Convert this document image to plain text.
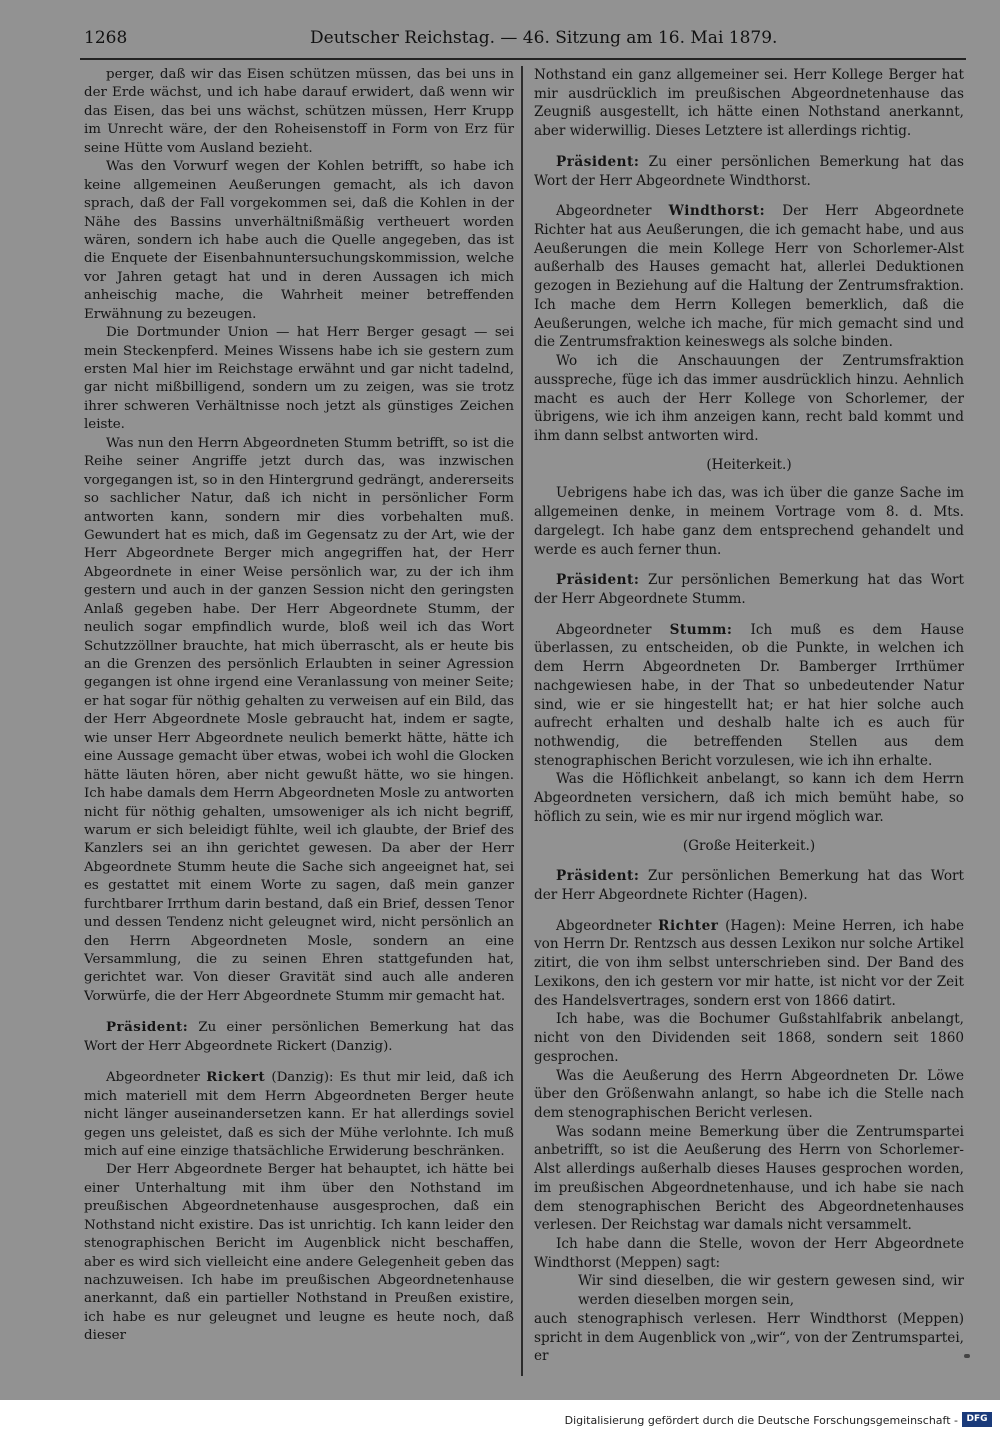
1268	Deutscher Reichstag. — 46. Sitzung am 16. Mai 1879.

perger, daß wir das Eisen schützen müssen, das bei uns in der Erde wächst, und ich habe darauf erwidert, daß wenn wir das Eisen, das bei uns wächst, schützen müssen, Herr Krupp im Unrecht wäre, der den Roheisenstoff in Form von Erz für seine Hütte vom Ausland bezieht.

Was den Vorwurf wegen der Kohlen betrifft, so habe ich keine allgemeinen Aeußerungen gemacht, als ich davon sprach, daß der Fall vorgekommen sei, daß die Kohlen in der Nähe des Bassins unverhältnißmäßig vertheuert worden wären, sondern ich habe auch die Quelle angegeben, das ist die Enquete der Eisenbahnuntersuchungskommission, welche vor Jahren getagt hat und in deren Aussagen ich mich anheischig mache, die Wahrheit meiner betreffenden Erwähnung zu bezeugen.

Die Dortmunder Union — hat Herr Berger gesagt — sei mein Steckenpferd. Meines Wissens habe ich sie gestern zum ersten Mal hier im Reichstage erwähnt und gar nicht tadelnd, gar nicht mißbilligend, sondern um zu zeigen, was sie trotz ihrer schweren Verhältnisse noch jetzt als günstiges Zeichen leiste.

Was nun den Herrn Abgeordneten Stumm betrifft, so ist die Reihe seiner Angriffe jetzt durch das, was inzwischen vorgegangen ist, so in den Hintergrund gedrängt, andererseits so sachlicher Natur, daß ich nicht in persönlicher Form antworten kann, sondern mir dies vorbehalten muß. Gewundert hat es mich, daß im Gegensatz zu der Art, wie der Herr Abgeordnete Berger mich angegriffen hat, der Herr Abgeordnete in einer Weise persönlich war, zu der ich ihm gestern und auch in der ganzen Session nicht den geringsten Anlaß gegeben habe. Der Herr Abgeordnete Stumm, der neulich sogar empfindlich wurde, bloß weil ich das Wort Schutzzöllner brauchte, hat mich überrascht, als er heute bis an die Grenzen des persönlich Erlaubten in seiner Agression gegangen ist ohne irgend eine Veranlassung von meiner Seite; er hat sogar für nöthig gehalten zu verweisen auf ein Bild, das der Herr Abgeordnete Mosle gebraucht hat, indem er sagte, wie unser Herr Abgeordnete neulich bemerkt hätte, hätte ich eine Aussage gemacht über etwas, wobei ich wohl die Glocken hätte läuten hören, aber nicht gewußt hätte, wo sie hingen. Ich habe damals dem Herrn Abgeordneten Mosle zu antworten nicht für nöthig gehalten, umsoweniger als ich nicht begriff, warum er sich beleidigt fühlte, weil ich glaubte, der Brief des Kanzlers sei an ihn gerichtet gewesen. Da aber der Herr Abgeordnete Stumm heute die Sache sich angeeignet hat, sei es gestattet mit einem Worte zu sagen, daß mein ganzer furchtbarer Irrthum darin bestand, daß ein Brief, dessen Tenor und dessen Tendenz nicht geleugnet wird, nicht persönlich an den Herrn Abgeordneten Mosle, sondern an eine Versammlung, die zu seinen Ehren stattgefunden hat, gerichtet war. Von dieser Gravität sind auch alle anderen Vorwürfe, die der Herr Abgeordnete Stumm mir gemacht hat.

Präsident: Zu einer persönlichen Bemerkung hat das Wort der Herr Abgeordnete Rickert (Danzig).

Abgeordneter Rickert (Danzig): Es thut mir leid, daß ich mich materiell mit dem Herrn Abgeordneten Berger heute nicht länger auseinandersetzen kann. Er hat allerdings soviel gegen uns geleistet, daß es sich der Mühe verlohnte. Ich muß mich auf eine einzige thatsächliche Erwiderung beschränken.

Der Herr Abgeordnete Berger hat behauptet, ich hätte bei einer Unterhaltung mit ihm über den Nothstand im preußischen Abgeordnetenhause ausgesprochen, daß ein Nothstand nicht existire. Das ist unrichtig. Ich kann leider den stenographischen Bericht im Augenblick nicht beschaffen, aber es wird sich vielleicht eine andere Gelegenheit geben das nachzuweisen. Ich habe im preußischen Abgeordnetenhause anerkannt, daß ein partieller Nothstand in Preußen existire, ich habe es nur geleugnet und leugne es heute noch, daß dieser

Nothstand ein ganz allgemeiner sei. Herr Kollege Berger hat mir ausdrücklich im preußischen Abgeordnetenhause das Zeugniß ausgestellt, ich hätte einen Nothstand anerkannt, aber widerwillig. Dieses Letztere ist allerdings richtig.

Präsident: Zu einer persönlichen Bemerkung hat das Wort der Herr Abgeordnete Windthorst.

Abgeordneter Windthorst: Der Herr Abgeordnete Richter hat aus Aeußerungen, die ich gemacht habe, und aus Aeußerungen die mein Kollege Herr von Schorlemer-Alst außerhalb des Hauses gemacht hat, allerlei Deduktionen gezogen in Beziehung auf die Haltung der Zentrumsfraktion. Ich mache dem Herrn Kollegen bemerklich, daß die Aeußerungen, welche ich mache, für mich gemacht sind und die Zentrumsfraktion keineswegs als solche binden.

Wo ich die Anschauungen der Zentrumsfraktion ausspreche, füge ich das immer ausdrücklich hinzu. Aehnlich macht es auch der Herr Kollege von Schorlemer, der übrigens, wie ich ihm anzeigen kann, recht bald kommt und ihm dann selbst antworten wird.

(Heiterkeit.)

Uebrigens habe ich das, was ich über die ganze Sache im allgemeinen denke, in meinem Vortrage vom 8. d. Mts. dargelegt. Ich habe ganz dem entsprechend gehandelt und werde es auch ferner thun.

Präsident: Zur persönlichen Bemerkung hat das Wort der Herr Abgeordnete Stumm.

Abgeordneter Stumm: Ich muß es dem Hause überlassen, zu entscheiden, ob die Punkte, in welchen ich dem Herrn Abgeordneten Dr. Bamberger Irrthümer nachgewiesen habe, in der That so unbedeutender Natur sind, wie er sie hingestellt hat; er hat hier solche auch aufrecht erhalten und deshalb halte ich es auch für nothwendig, die betreffenden Stellen aus dem stenographischen Bericht vorzulesen, wie ich ihn erhalte.

Was die Höflichkeit anbelangt, so kann ich dem Herrn Abgeordneten versichern, daß ich mich bemüht habe, so höflich zu sein, wie es mir nur irgend möglich war.

(Große Heiterkeit.)

Präsident: Zur persönlichen Bemerkung hat das Wort der Herr Abgeordnete Richter (Hagen).

Abgeordneter Richter (Hagen): Meine Herren, ich habe von Herrn Dr. Rentzsch aus dessen Lexikon nur solche Artikel zitirt, die von ihm selbst unterschrieben sind. Der Band des Lexikons, den ich gestern vor mir hatte, ist nicht vor der Zeit des Handelsvertrages, sondern erst von 1866 datirt.

Ich habe, was die Bochumer Gußstahlfabrik anbelangt, nicht von den Dividenden seit 1868, sondern seit 1860 gesprochen.

Was die Aeußerung des Herrn Abgeordneten Dr. Löwe über den Größenwahn anlangt, so habe ich die Stelle nach dem stenographischen Bericht verlesen.

Was sodann meine Bemerkung über die Zentrumspartei anbetrifft, so ist die Aeußerung des Herrn von Schorlemer-Alst allerdings außerhalb dieses Hauses gesprochen worden, im preußischen Abgeordnetenhause, und ich habe sie nach dem stenographischen Bericht des Abgeordnetenhauses verlesen. Der Reichstag war damals nicht versammelt.

Ich habe dann die Stelle, wovon der Herr Abgeordnete Windthorst (Meppen) sagt:

Wir sind dieselben, die wir gestern gewesen sind, wir werden dieselben morgen sein,

auch stenographisch verlesen. Herr Windthorst (Meppen) spricht in dem Augenblick von „wir“, von der Zentrumspartei, er

Digitalisierung gefördert durch die Deutsche Forschungsgemeinschaft - DFG
